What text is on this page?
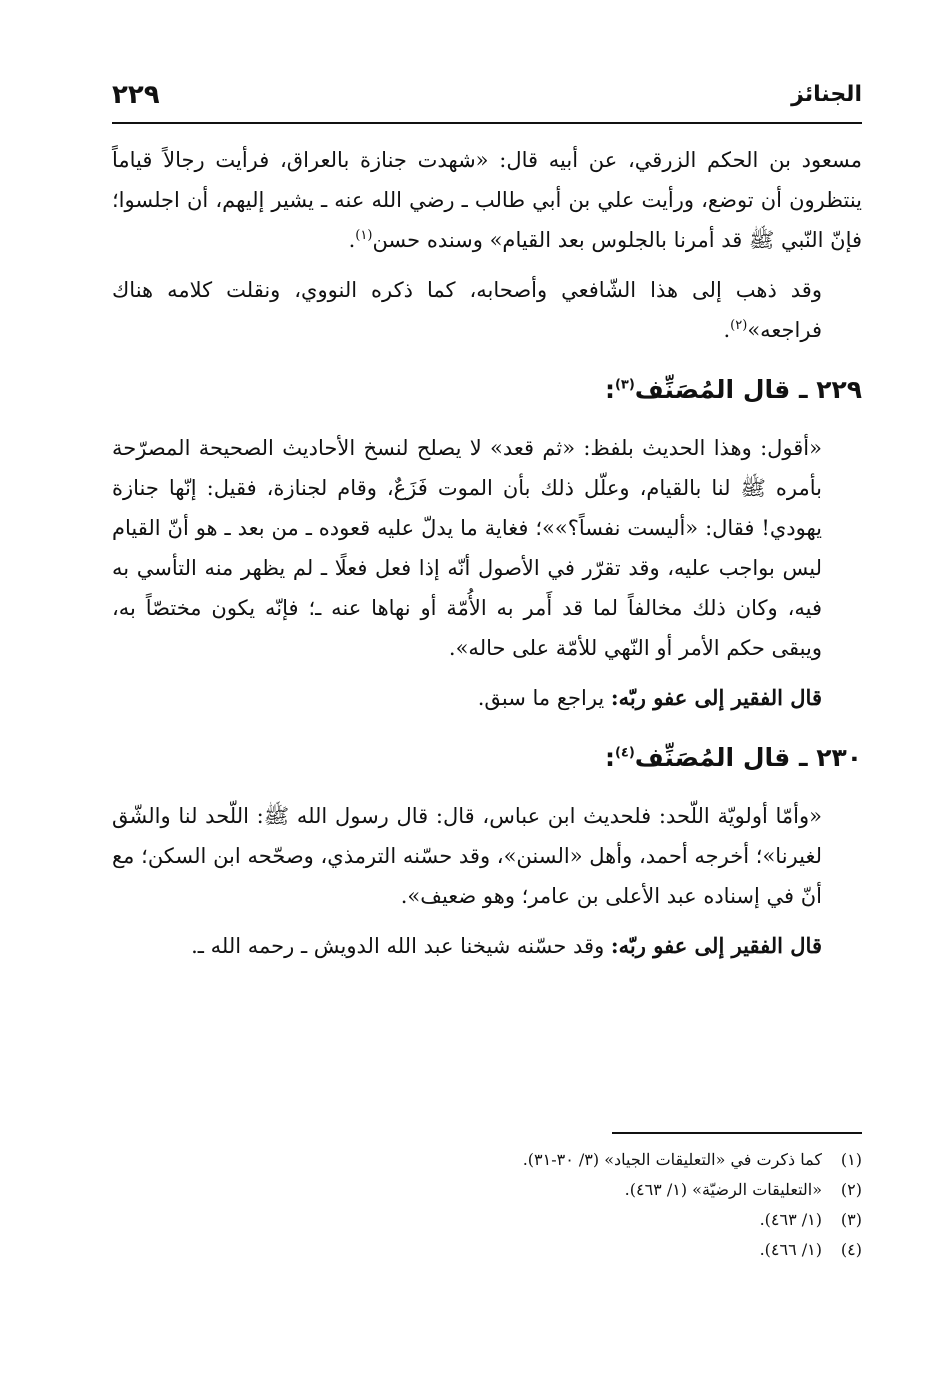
الجنائز
٢٢٩

مسعود بن الحكم الزرقي، عن أبيه قال: «شهدت جنازة بالعراق، فرأيت رجالاً قياماً ينتظرون أن توضع، ورأيت علي بن أبي طالب ـ رضي الله عنه ـ يشير إليهم، أن اجلسوا؛ فإنّ النّبي ﷺ قد أمرنا بالجلوس بعد القيام» وسنده حسن$^{(١)}$.

وقد ذهب إلى هذا الشّافعي وأصحابه، كما ذكره النووي، ونقلت كلامه هناك فراجعه»$^{(٢)}$.

٢٢٩ ـ قال المُصَنِّف$^{(٣)}$:

«أقول: وهذا الحديث بلفظ: «ثم قعد» لا يصلح لنسخ الأحاديث الصحيحة المصرّحة بأمره ﷺ لنا بالقيام، وعلّل ذلك بأن الموت فَزَعٌ، وقام لجنازة، فقيل: إنّها جنازة يهودي! فقال: «أليست نفساً؟»»؛ فغاية ما يدلّ عليه قعوده ـ من بعد ـ هو أنّ القيام ليس بواجب عليه، وقد تقرّر في الأصول أنّه إذا فعل فعلًا ـ لم يظهر منه التأسي به فيه، وكان ذلك مخالفاً لما قد أَمر به الأُمّة أو نهاها عنه ـ؛ فإنّه يكون مختصّاً به، ويبقى حكم الأمر أو النّهي للأمّة على حاله».

قال الفقير إلى عفو ربّه: يراجع ما سبق.

٢٣٠ ـ قال المُصَنِّف$^{(٤)}$:

«وأمّا أولويّة اللّحد: فلحديث ابن عباس، قال: قال رسول الله ﷺ: اللّحد لنا والشّق لغيرنا»؛ أخرجه أحمد، وأهل «السنن»، وقد حسّنه الترمذي، وصحّحه ابن السكن؛ مع أنّ في إسناده عبد الأعلى بن عامر؛ وهو ضعيف».

قال الفقير إلى عفو ربّه: وقد حسّنه شيخنا عبد الله الدويش ـ رحمه الله ـ.

(١)كما ذكرت في «التعليقات الجياد» (٣/ ٣٠-٣١).

(٢)«التعليقات الرضيّة» (١/ ٤٦٣).

(٣)(١/ ٤٦٣).

(٤)(١/ ٤٦٦).
